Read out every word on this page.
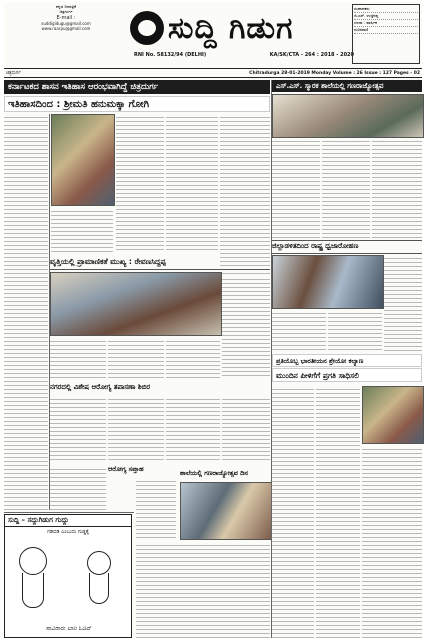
ಕನ್ನಡ ದಿನಪತ್ರಿಕೆ
ಚಿತ್ರದುರ್ಗ
E-mail :
suddigidugu@gmail.com
www.raarpu@gmail.com	ಸುದ್ದಿ ಗಿಡುಗ
RNI No. 58132/94 (DELHI)	KA/SK/CTA - 264 : 2018 - 2020
ಸಂಪಾದಕರು
ಜಿ.ಎಸ್. ಉಜ್ಜಿನಪ್ಪ
ಚಂದಾ : ವಾರ್ಷಿಕ
ದೂರವಾಣಿ
ಚಿತ್ರದುರ್ಗ	Chitradurga 28-01-2019 Monday Volume : 26 Issue : 127 Pages - 02
ಕರ್ನಾಟಕದ ಶಾಸನ ಇತಿಹಾಸ ಆರಂಭವಾಗಿದ್ದೆ ಚಿತ್ರದುರ್ಗ
ಇತಿಹಾಸದಿಂದ : ಶ್ರೀಮತಿ ಹನುಮಕ್ಕಾ ಗೋಗಿ
ಎಸ್.ಎಸ್. ಸ್ಮಾರಕ ಶಾಲೆಯಲ್ಲಿ ಗಣರಾಜ್ಯೋತ್ಸವ
ವೃತ್ತಿಯಲ್ಲಿ ಪ್ರಾಮಾಣಿಕತೆ ಮುಖ್ಯ : ರೇವಣಸಿದ್ದಪ್ಪ
ನಗರದಲ್ಲಿ ವಿಶೇಷ ಆರೋಗ್ಯ ತಪಾಸಣಾ ಶಿಬಿರ
ಆರೋಗ್ಯ ಸಪ್ತಾಹ	ಶಾಲೆಯಲ್ಲಿ ಗಣರಾಜ್ಯೋತ್ಸವ ದಿನ
ಜಿಲ್ಲಾಡಳಿತದಿಂದ ರಾಷ್ಟ್ರ ಧ್ವಜಾರೋಹಣ
ಪ್ರತಿಯೊಬ್ಬ ಭಾರತೀಯನ ಶ್ರೇಯೋ ಕಲ್ಯಾಣ
ಮುಂದಿನ ಪೀಳಿಗೆಗೆ ಪ್ರಗತಿ ಸಾಧಿಸಲಿ
ಸುದ್ದಿ – ಸದ್ದುಗಿಡುಗ ಗುದ್ದು
ಗಡಿಬಿಡಿ ಎಂಬುದು ಗುಡ್ಡಕ್ಕೆ
ಸಾವಿರಾರು ಬಾರಿ ಓಡಿದೆ
